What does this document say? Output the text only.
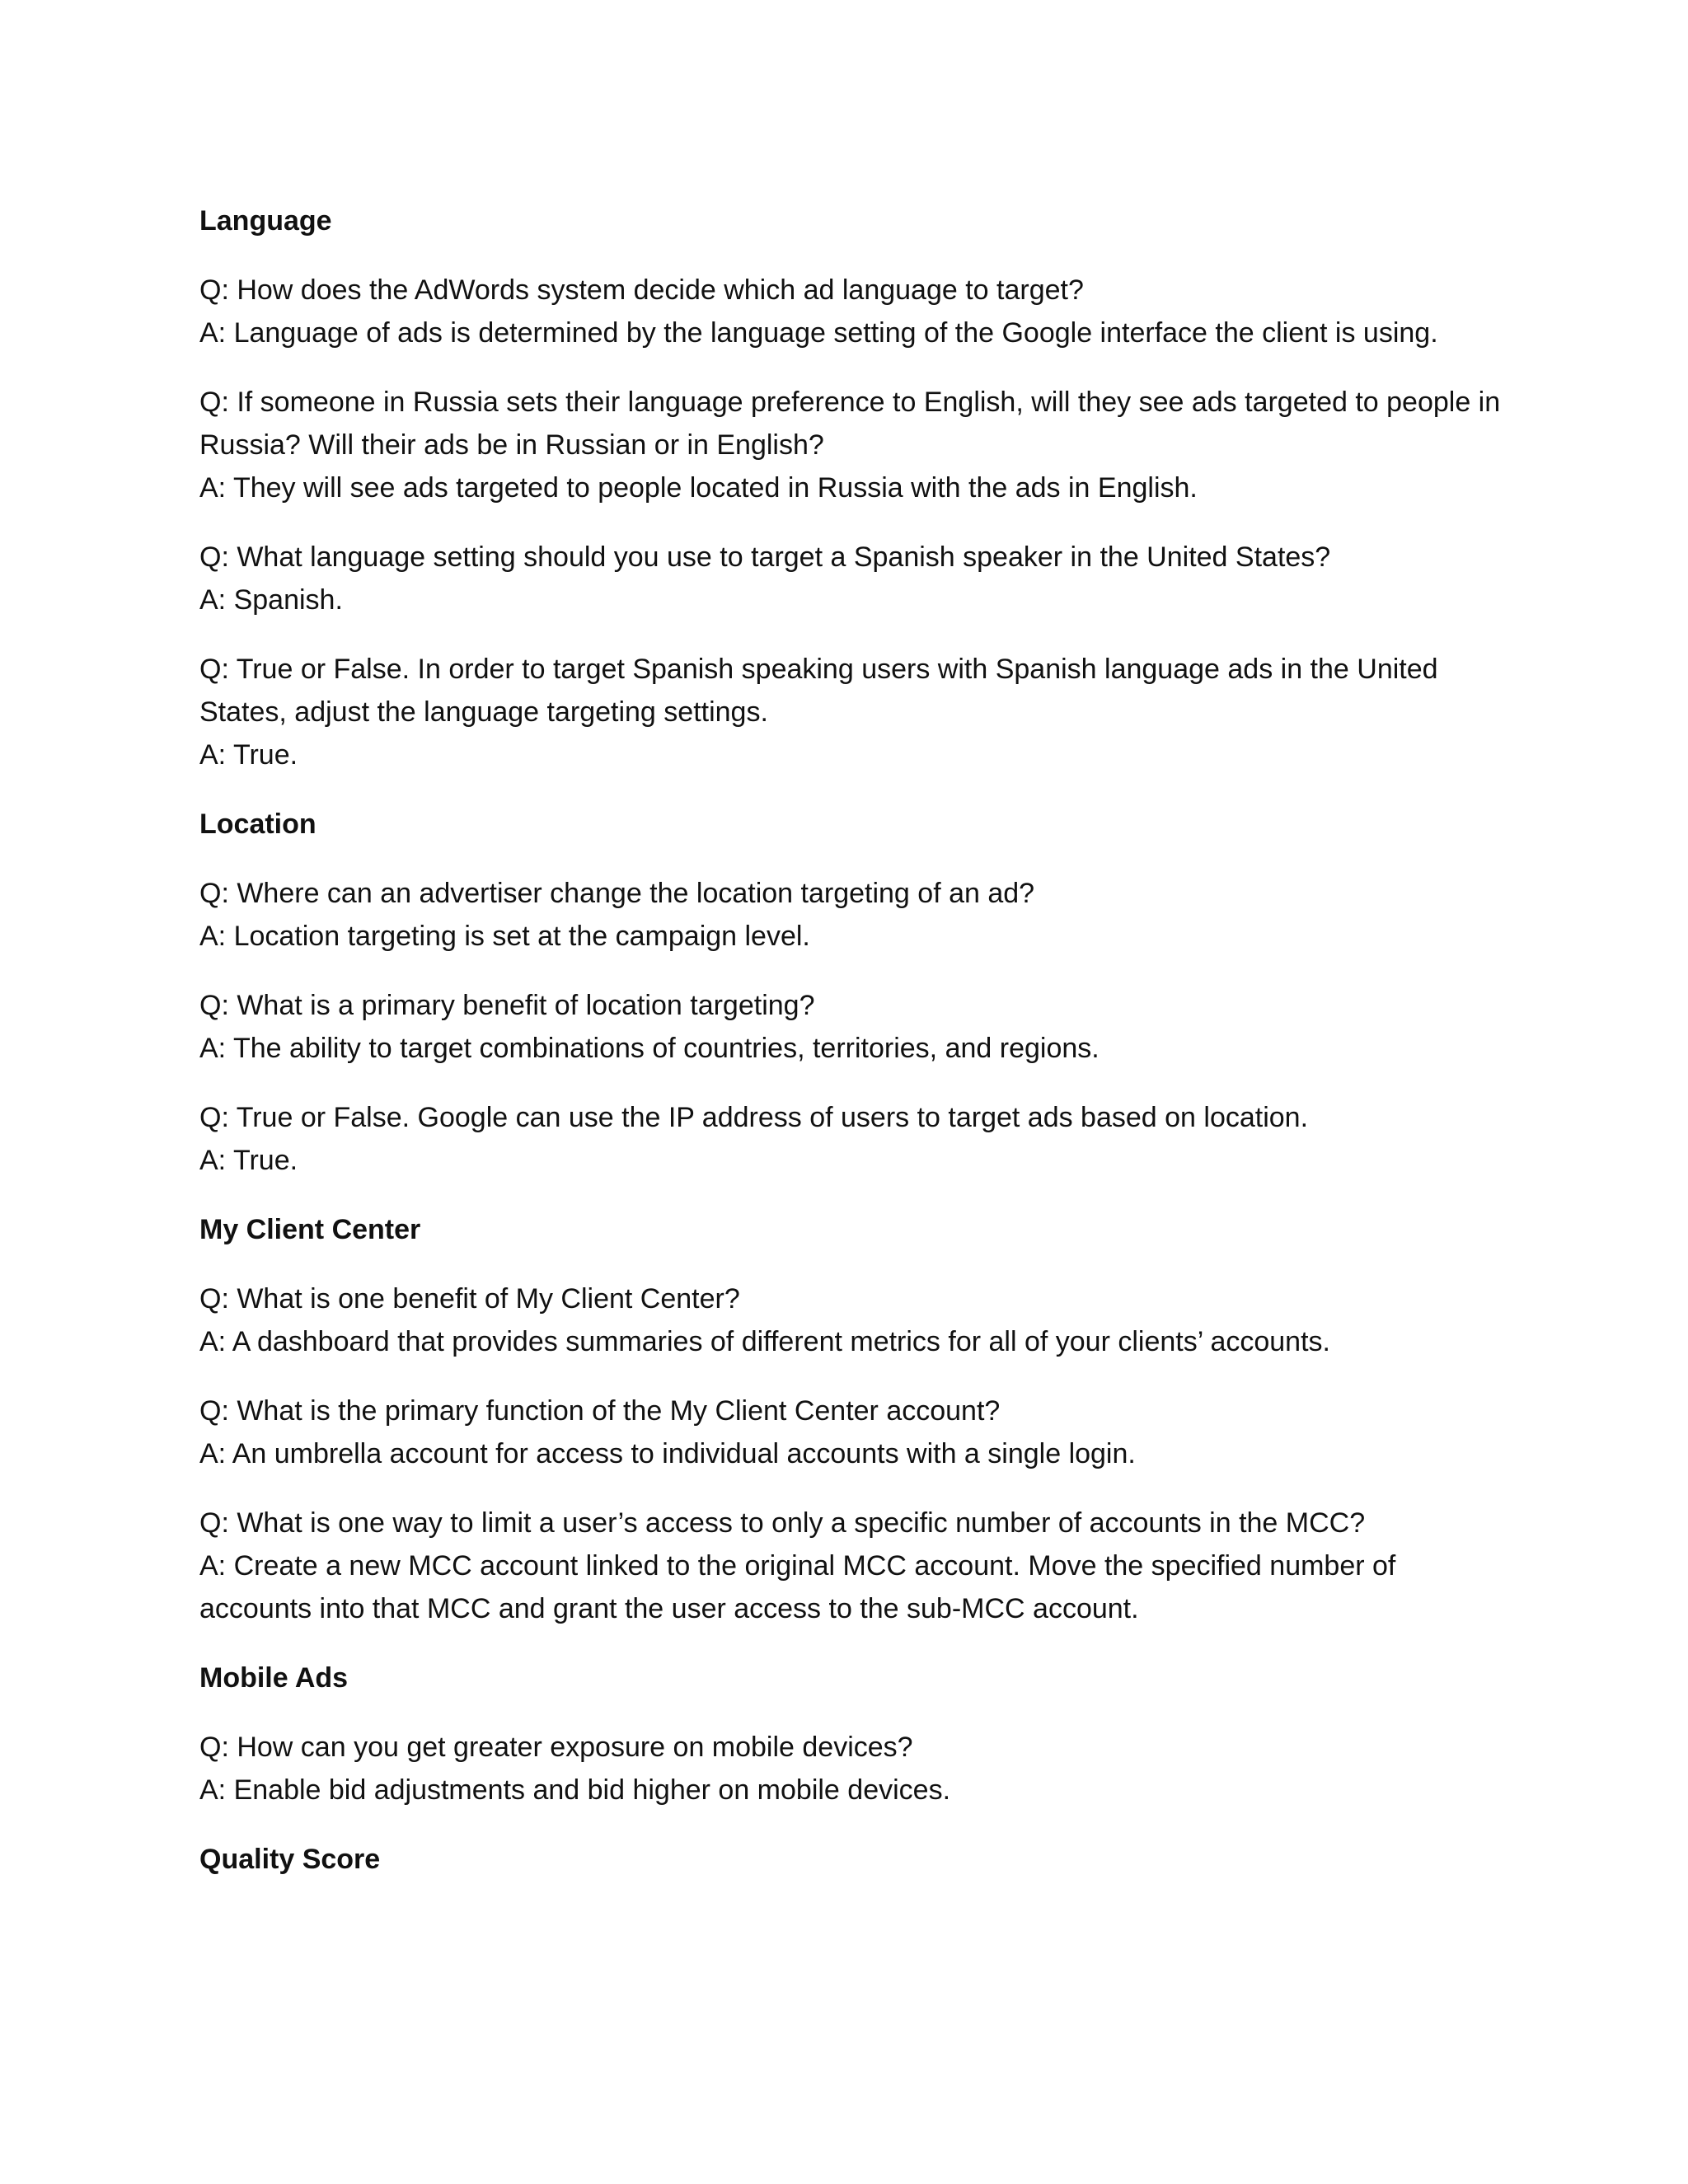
Language

Q: How does the AdWords system decide which ad language to target?

A: Language of ads is determined by the language setting of the Google interface the client is using.

Q: If someone in Russia sets their language preference to English, will they see ads targeted to people in Russia? Will their ads be in Russian or in English?

A: They will see ads targeted to people located in Russia with the ads in English.

Q: What language setting should you use to target a Spanish speaker in the United States?

A: Spanish.

Q: True or False. In order to target Spanish speaking users with Spanish language ads in the United States, adjust the language targeting settings.

A: True.

Location

Q: Where can an advertiser change the location targeting of an ad?

A: Location targeting is set at the campaign level.

Q: What is a primary benefit of location targeting?

A: The ability to target combinations of countries, territories, and regions.

Q: True or False. Google can use the IP address of users to target ads based on location.

A: True.

My Client Center

Q: What is one benefit of My Client Center?

A: A dashboard that provides summaries of different metrics for all of your clients’ accounts.

Q: What is the primary function of the My Client Center account?

A: An umbrella account for access to individual accounts with a single login.

Q: What is one way to limit a user’s access to only a specific number of accounts in the MCC?

A: Create a new MCC account linked to the original MCC account. Move the specified number of accounts into that MCC and grant the user access to the sub-MCC account.

Mobile Ads

Q: How can you get greater exposure on mobile devices?

A: Enable bid adjustments and bid higher on mobile devices.

Quality Score
